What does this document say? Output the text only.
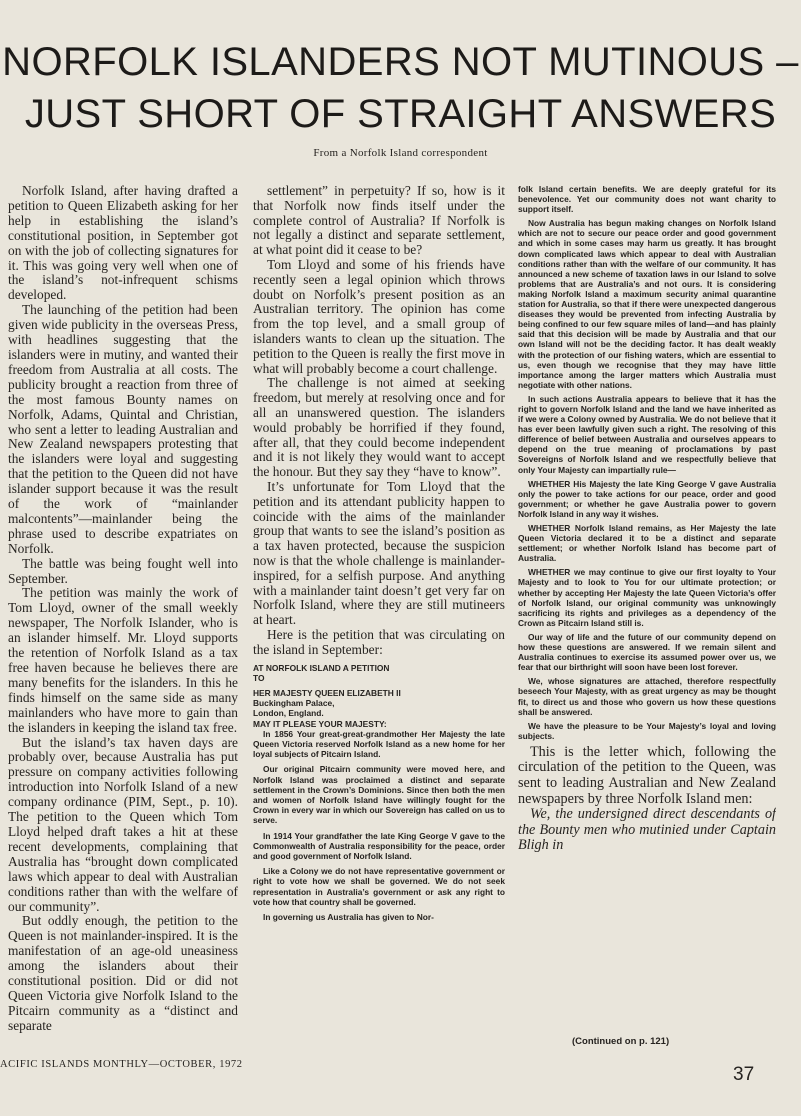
NORFOLK ISLANDERS NOT MUTINOUS –
JUST SHORT OF STRAIGHT ANSWERS
From a Norfolk Island correspondent

Norfolk Island, after having drafted a petition to Queen Elizabeth asking for her help in establishing the island’s constitutional position, in September got on with the job of collecting signatures for it. This was going very well when one of the island’s not-infrequent schisms developed.

The launching of the petition had been given wide publicity in the overseas Press, with headlines suggesting that the islanders were in mutiny, and wanted their freedom from Australia at all costs. The publicity brought a reaction from three of the most famous Bounty names on Norfolk, Adams, Quintal and Christian, who sent a letter to leading Australian and New Zealand newspapers protesting that the islanders were loyal and suggesting that the petition to the Queen did not have islander support because it was the result of the work of “mainlander malcontents”—mainlander being the phrase used to describe expatriates on Norfolk.

The battle was being fought well into September.

The petition was mainly the work of Tom Lloyd, owner of the small weekly newspaper, The Norfolk Islander, who is an islander himself. Mr. Lloyd supports the retention of Norfolk Island as a tax free haven because he believes there are many benefits for the islanders. In this he finds himself on the same side as many mainlanders who have more to gain than the islanders in keeping the island tax free.

But the island’s tax haven days are probably over, because Australia has put pressure on company activities following introduction into Norfolk Island of a new company ordinance (PIM, Sept., p. 10). The petition to the Queen which Tom Lloyd helped draft takes a hit at these recent developments, complaining that Australia has “brought down complicated laws which appear to deal with Australian conditions rather than with the welfare of our community”.

But oddly enough, the petition to the Queen is not mainlander-inspired. It is the manifestation of an age-old uneasiness among the islanders about their constitutional position. Did or did not Queen Victoria give Norfolk Island to the Pitcairn community as a “distinct and separate

settlement” in perpetuity? If so, how is it that Norfolk now finds itself under the complete control of Australia? If Norfolk is not legally a distinct and separate settlement, at what point did it cease to be?

Tom Lloyd and some of his friends have recently seen a legal opinion which throws doubt on Norfolk’s present position as an Australian territory. The opinion has come from the top level, and a small group of islanders wants to clean up the situation. The petition to the Queen is really the first move in what will probably become a court challenge.

The challenge is not aimed at seeking freedom, but merely at resolving once and for all an unanswered question. The islanders would probably be horrified if they found, after all, that they could become independent and it is not likely they would want to accept the honour. But they say they “have to know”.

It’s unfortunate for Tom Lloyd that the petition and its attendant publicity happen to coincide with the aims of the mainlander group that wants to see the island’s position as a tax haven protected, because the suspicion now is that the whole challenge is mainlander-inspired, for a selfish purpose. And anything with a mainlander taint doesn’t get very far on Norfolk Island, where they are still mutineers at heart.

Here is the petition that was circulating on the island in September:

AT NORFOLK ISLAND A PETITION

TO

HER MAJESTY QUEEN ELIZABETH II

Buckingham Palace,

London, England.

MAY IT PLEASE YOUR MAJESTY:

In 1856 Your great-great-grandmother Her Majesty the late Queen Victoria reserved Norfolk Island as a new home for her loyal subjects of Pitcairn Island.

Our original Pitcairn community were moved here, and Norfolk Island was proclaimed a distinct and separate settlement in the Crown’s Dominions. Since then both the men and women of Norfolk Island have willingly fought for the Crown in every war in which our Sovereign has called on us to serve.

In 1914 Your grandfather the late King George V gave to the Commonwealth of Australia responsibility for the peace, order and good government of Norfolk Island.

Like a Colony we do not have representative government or right to vote how we shall be governed. We do not seek representation in Australia’s government or ask any right to vote how that country shall be governed.

In governing us Australia has given to Nor-

folk Island certain benefits. We are deeply grateful for its benevolence. Yet our community does not want charity to support itself.

Now Australia has begun making changes on Norfolk Island which are not to secure our peace order and good government and which in some cases may harm us greatly. It has brought down complicated laws which appear to deal with Australian conditions rather than with the welfare of our community. It has announced a new scheme of taxation laws in our Island to solve problems that are Australia’s and not ours. It is considering making Norfolk Island a maximum security animal quarantine station for Australia, so that if there were unexpected dangerous diseases they would be prevented from infecting Australia by being confined to our few square miles of land—and has plainly said that this decision will be made by Australia and that our own Island will not be the deciding factor. It has dealt weakly with the protection of our fishing waters, which are essential to us, even though we recognise that they may have little importance among the larger matters which Australia must negotiate with other nations.

In such actions Australia appears to believe that it has the right to govern Norfolk Island and the land we have inherited as if we were a Colony owned by Australia. We do not believe that it has ever been lawfully given such a right. The resolving of this difference of belief between Australia and ourselves appears to depend on the true meaning of proclamations by past Sovereigns of Norfolk Island and we respectfully believe that only Your Majesty can impartially rule—

WHETHER His Majesty the late King George V gave Australia only the power to take actions for our peace, order and good government; or whether he gave Australia power to govern Norfolk Island in any way it wishes.

WHETHER Norfolk Island remains, as Her Majesty the late Queen Victoria declared it to be a distinct and separate settlement; or whether Norfolk Island has become part of Australia.

WHETHER we may continue to give our first loyalty to Your Majesty and to look to You for our ultimate protection; or whether by accepting Her Majesty the late Queen Victoria’s offer of Norfolk Island, our original community was unknowingly sacrificing its rights and privileges as a dependency of the Crown as Pitcairn Island still is.

Our way of life and the future of our community depend on how these questions are answered. If we remain silent and Australia continues to exercise its assumed power over us, we fear that our birthright will soon have been lost forever.

We, whose signatures are attached, therefore respectfully beseech Your Majesty, with as great urgency as may be thought fit, to direct us and those who govern us how these questions shall be answered.

We have the pleasure to be Your Majesty’s loyal and loving subjects.

This is the letter which, following the circulation of the petition to the Queen, was sent to leading Australian and New Zealand newspapers by three Norfolk Island men:

We, the undersigned direct descendants of the Bounty men who mutinied under Captain Bligh in

(Continued on p. 121)
ACIFIC ISLANDS MONTHLY—OCTOBER, 1972	37
